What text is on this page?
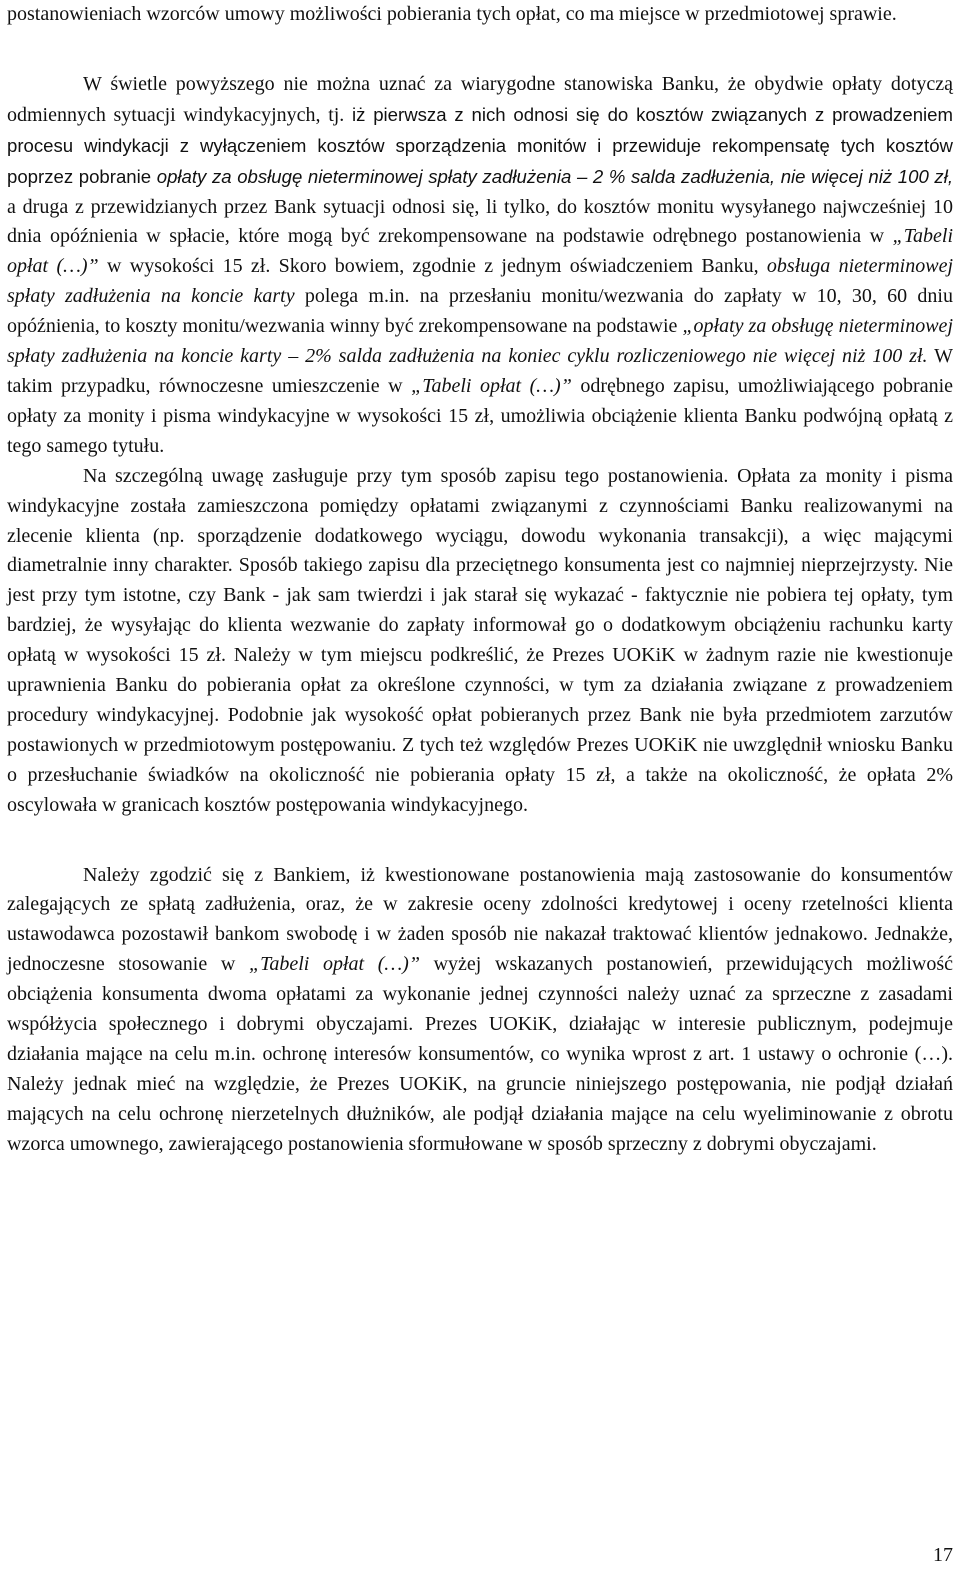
postanowieniach wzorców umowy możliwości pobierania tych opłat, co ma miejsce w przedmiotowej sprawie.

W świetle powyższego nie można uznać za wiarygodne stanowiska Banku, że obydwie opłaty dotyczą odmiennych sytuacji windykacyjnych, tj. iż pierwsza z nich odnosi się do kosztów związanych z prowadzeniem procesu windykacji z wyłączeniem kosztów sporządzenia monitów i przewiduje rekompensatę tych kosztów poprzez pobranie opłaty za obsługę nieterminowej spłaty zadłużenia – 2 % salda zadłużenia, nie więcej niż 100 zł, a druga z przewidzianych przez Bank sytuacji odnosi się, li tylko, do kosztów monitu wysyłanego najwcześniej 10 dnia opóźnienia w spłacie, które mogą być zrekompensowane na podstawie odrębnego postanowienia w „Tabeli opłat (…)” w wysokości 15 zł. Skoro bowiem, zgodnie z jednym oświadczeniem Banku, obsługa nieterminowej spłaty zadłużenia na koncie karty polega m.in. na przesłaniu monitu/wezwania do zapłaty w 10, 30, 60 dniu opóźnienia, to koszty monitu/wezwania winny być zrekompensowane na podstawie „opłaty za obsługę nieterminowej spłaty zadłużenia na koncie karty – 2% salda zadłużenia na koniec cyklu rozliczeniowego nie więcej niż 100 zł. W takim przypadku, równoczesne umieszczenie w „Tabeli opłat (…)” odrębnego zapisu, umożliwiającego pobranie opłaty za monity i pisma windykacyjne w wysokości 15 zł, umożliwia obciążenie klienta Banku podwójną opłatą z tego samego tytułu.

Na szczególną uwagę zasługuje przy tym sposób zapisu tego postanowienia. Opłata za monity i pisma windykacyjne została zamieszczona pomiędzy opłatami związanymi z czynnościami Banku realizowanymi na zlecenie klienta (np. sporządzenie dodatkowego wyciągu, dowodu wykonania transakcji), a więc mającymi diametralnie inny charakter. Sposób takiego zapisu dla przeciętnego konsumenta jest co najmniej nieprzejrzysty. Nie jest przy tym istotne, czy Bank - jak sam twierdzi i jak starał się wykazać - faktycznie nie pobiera tej opłaty, tym bardziej, że wysyłając do klienta wezwanie do zapłaty informował go o dodatkowym obciążeniu rachunku karty opłatą w wysokości 15 zł. Należy w tym miejscu podkreślić, że Prezes UOKiK w żadnym razie nie kwestionuje uprawnienia Banku do pobierania opłat za określone czynności, w tym za działania związane z prowadzeniem procedury windykacyjnej. Podobnie jak wysokość opłat pobieranych przez Bank nie była przedmiotem zarzutów postawionych w przedmiotowym postępowaniu. Z tych też względów Prezes UOKiK nie uwzględnił wniosku Banku o przesłuchanie świadków na okoliczność nie pobierania opłaty 15 zł, a także na okoliczność, że opłata 2% oscylowała w granicach kosztów postępowania windykacyjnego.

Należy zgodzić się z Bankiem, iż kwestionowane postanowienia mają zastosowanie do konsumentów zalegających ze spłatą zadłużenia, oraz, że w zakresie oceny zdolności kredytowej i oceny rzetelności klienta ustawodawca pozostawił bankom swobodę i w żaden sposób nie nakazał traktować klientów jednakowo. Jednakże, jednoczesne stosowanie w „Tabeli opłat (…)” wyżej wskazanych postanowień, przewidujących możliwość obciążenia konsumenta dwoma opłatami za wykonanie jednej czynności należy uznać za sprzeczne z zasadami współżycia społecznego i dobrymi obyczajami. Prezes UOKiK, działając w interesie publicznym, podejmuje działania mające na celu m.in. ochronę interesów konsumentów, co wynika wprost z art. 1 ustawy o ochronie (…). Należy jednak mieć na względzie, że Prezes UOKiK, na gruncie niniejszego postępowania, nie podjął działań mających na celu ochronę nierzetelnych dłużników, ale podjął działania mające na celu wyeliminowanie z obrotu wzorca umownego, zawierającego postanowienia sformułowane w sposób sprzeczny z dobrymi obyczajami.

17
